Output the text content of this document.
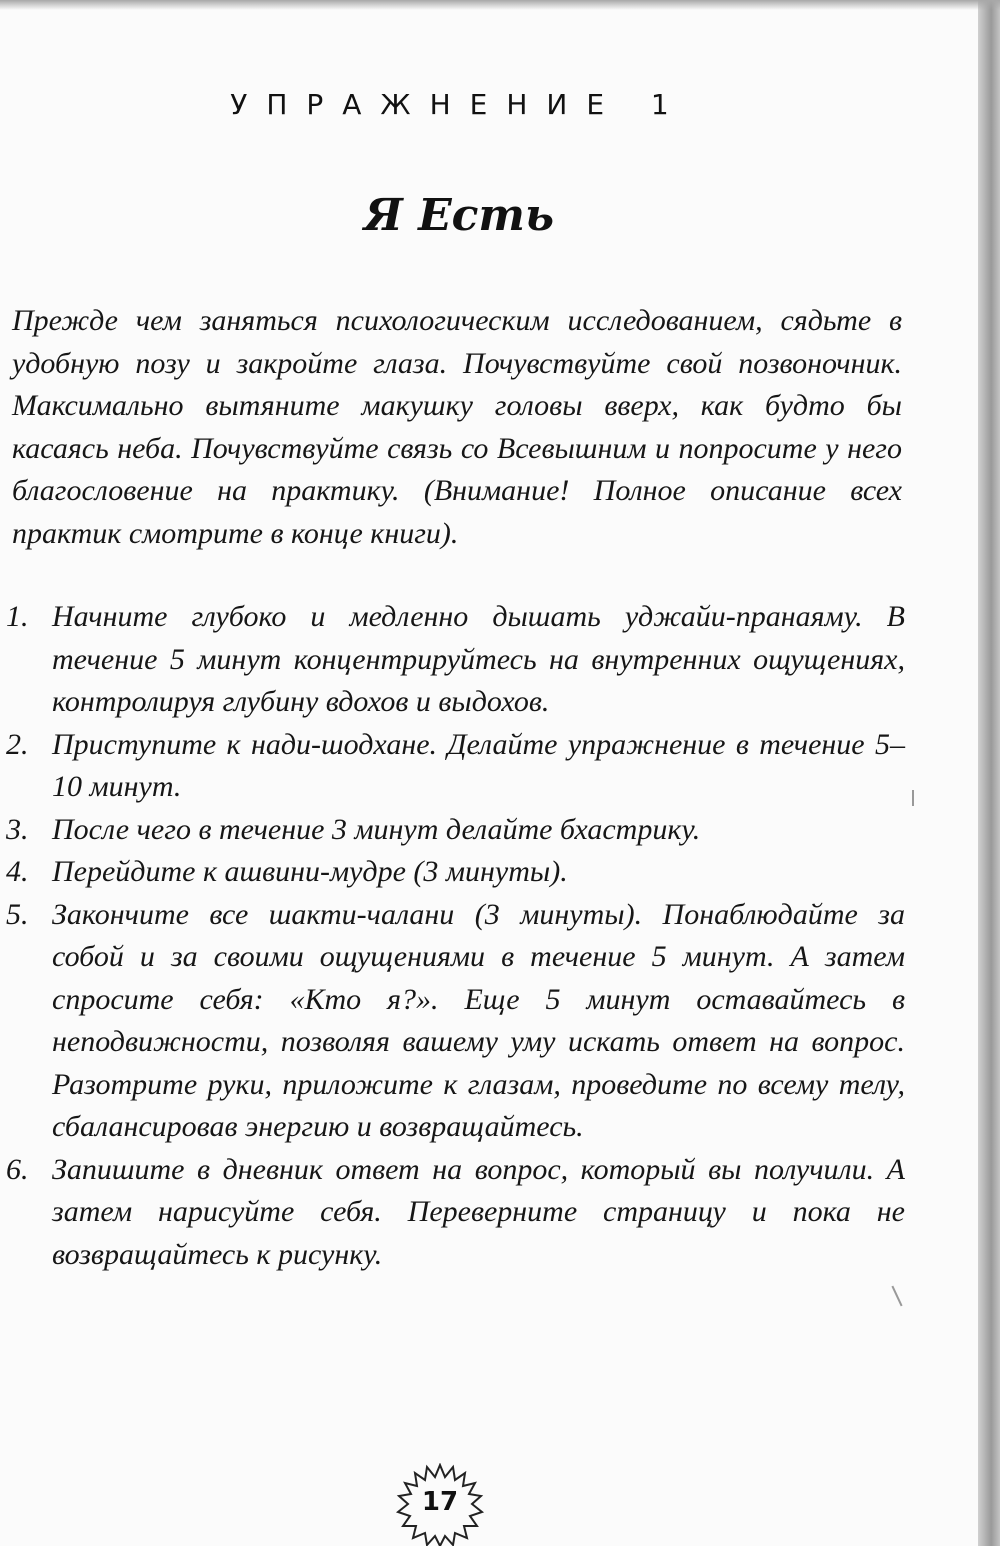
УПРАЖНЕНИЕ 1
Я Есть

Прежде чем заняться психологическим исследованием, сядьте в удобную позу и закройте глаза. Почувствуйте свой позвоночник. Максимально вытяните макушку головы вверх, как будто бы касаясь неба. Почувствуйте связь со Всевышним и попросите у него благословение на практику. (Внимание! Полное описание всех практик смотрите в конце книги).

1. Начните глубоко и медленно дышать уджайи-пранаяму. В течение 5 минут концентрируйтесь на внутренних ощущениях, контролируя глубину вдохов и выдохов.
2. Приступите к нади-шодхане. Делайте упражнение в течение 5–10 минут.
3. После чего в течение 3 минут делайте бхастрику.
4. Перейдите к ашвини-мудре (3 минуты).
5. Закончите все шакти-чалани (3 минуты). Понаблюдайте за собой и за своими ощущениями в течение 5 минут. А затем спросите себя: «Кто я?». Еще 5 минут оставайтесь в неподвижности, позволяя вашему уму искать ответ на вопрос. Разотрите руки, приложите к глазам, проведите по всему телу, сбалансировав энергию и возвращайтесь.
6. Запишите в дневник ответ на вопрос, который вы получили. А затем нарисуйте себя. Переверните страницу и пока не возвращайтесь к рисунку.
17
